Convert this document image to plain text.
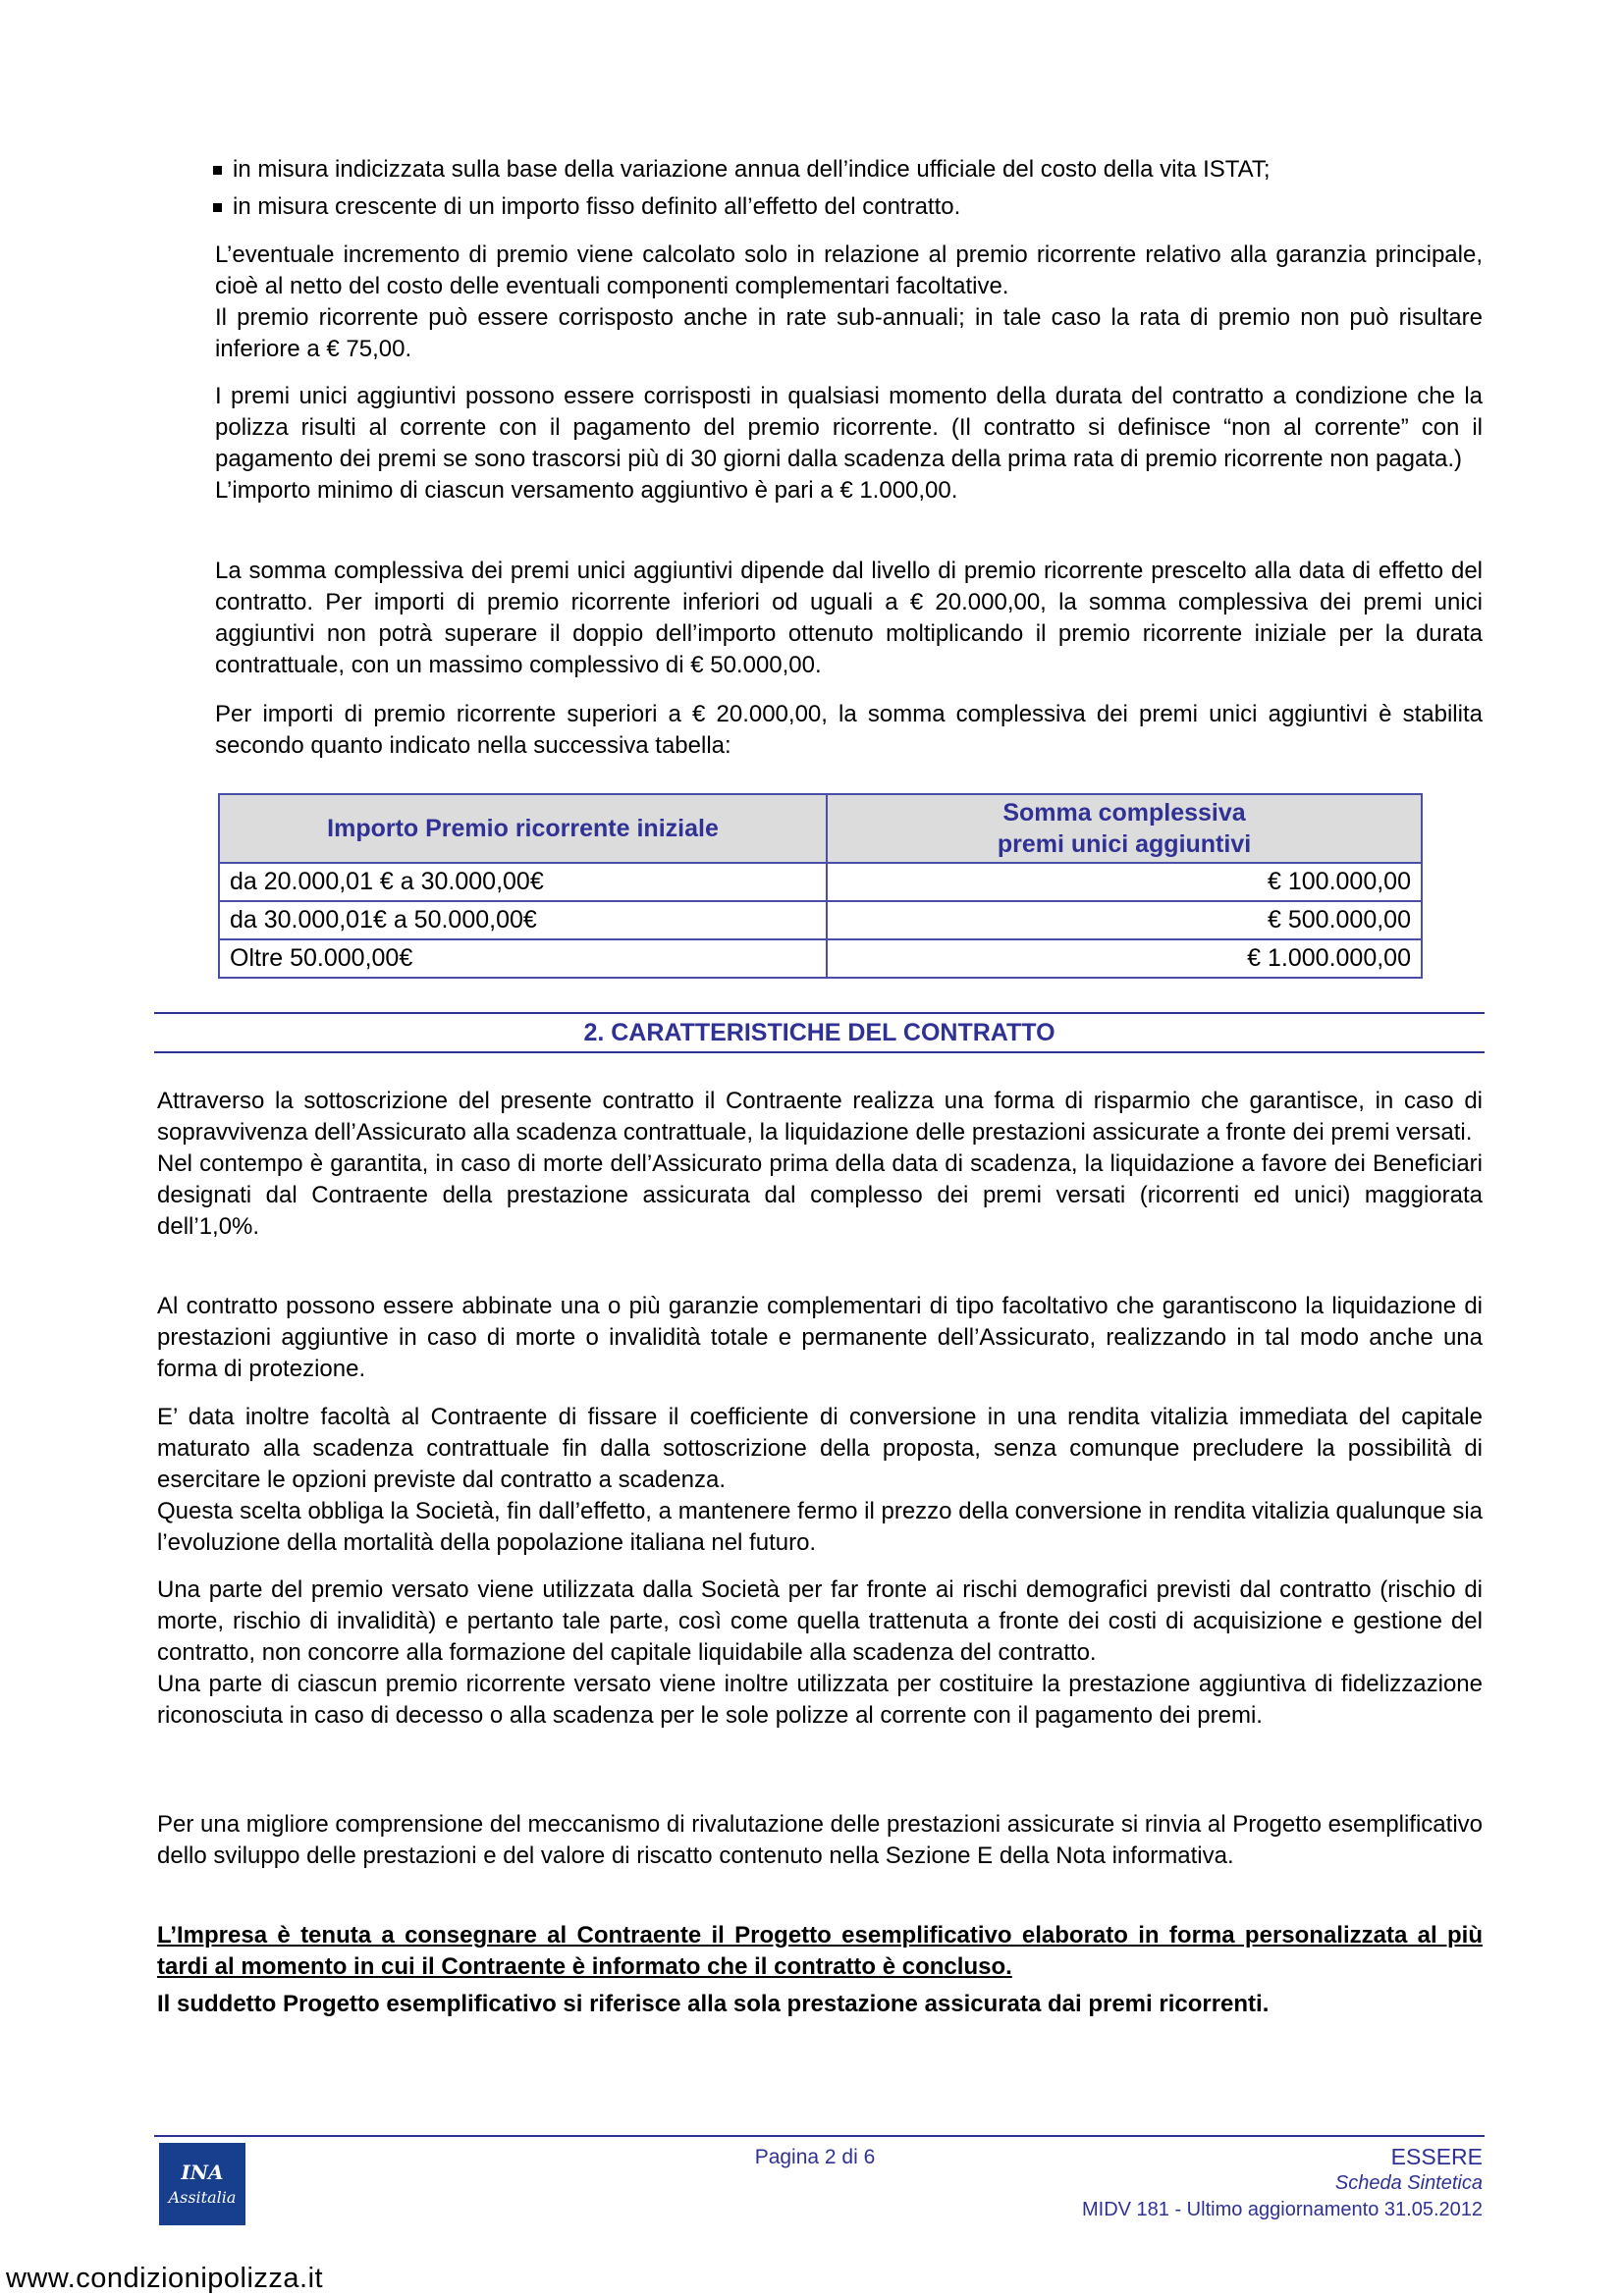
in misura indicizzata sulla base della variazione annua dell’indice ufficiale del costo della vita ISTAT;
in misura crescente di un importo fisso definito all’effetto del contratto.

L’eventuale incremento di premio viene calcolato solo in relazione al premio ricorrente relativo alla garanzia principale, cioè al netto del costo delle eventuali componenti complementari facoltative.

Il premio ricorrente può essere corrisposto anche in rate sub-annuali; in tale caso la rata di premio non può risultare inferiore a € 75,00.

I premi unici aggiuntivi possono essere corrisposti in qualsiasi momento della durata del contratto a condizione che la polizza risulti al corrente con il pagamento del premio ricorrente. (Il contratto si definisce “non al corrente” con il pagamento dei premi se sono trascorsi più di 30 giorni dalla scadenza della prima rata di premio ricorrente non pagata.)

L’importo minimo di ciascun versamento aggiuntivo è pari a € 1.000,00.

La somma complessiva dei premi unici aggiuntivi dipende dal livello di premio ricorrente prescelto alla data di effetto del contratto. Per importi di premio ricorrente inferiori od uguali a € 20.000,00, la somma complessiva dei premi unici aggiuntivi non potrà superare il doppio dell’importo ottenuto moltiplicando il premio ricorrente iniziale per la durata contrattuale, con un massimo complessivo di € 50.000,00.

Per importi di premio ricorrente superiori a € 20.000,00, la somma complessiva dei premi unici aggiuntivi è stabilita secondo quanto indicato nella successiva tabella:

Importo Premio ricorrente iniziale	Somma complessiva
premi unici aggiuntivi
da 20.000,01 € a 30.000,00€	€ 100.000,00
da 30.000,01€ a 50.000,00€	€ 500.000,00
Oltre 50.000,00€	€ 1.000.000,00
2. CARATTERISTICHE DEL CONTRATTO

Attraverso la sottoscrizione del presente contratto il Contraente realizza una forma di risparmio che garantisce, in caso di sopravvivenza dell’Assicurato alla scadenza contrattuale, la liquidazione delle prestazioni assicurate a fronte dei premi versati.

Nel contempo è garantita, in caso di morte dell’Assicurato prima della data di scadenza, la liquidazione a favore dei Beneficiari designati dal Contraente della prestazione assicurata dal complesso dei premi versati (ricorrenti ed unici) maggiorata dell’1,0%.

Al contratto possono essere abbinate una o più garanzie complementari di tipo facoltativo che garantiscono la liquidazione di prestazioni aggiuntive in caso di morte o invalidità totale e permanente dell’Assicurato, realizzando in tal modo anche una forma di protezione.

E’ data inoltre facoltà al Contraente di fissare il coefficiente di conversione in una rendita vitalizia immediata del capitale maturato alla scadenza contrattuale fin dalla sottoscrizione della proposta, senza comunque precludere la possibilità di esercitare le opzioni previste dal contratto a scadenza.

Questa scelta obbliga la Società, fin dall’effetto, a mantenere fermo il prezzo della conversione in rendita vitalizia qualunque sia l’evoluzione della mortalità della popolazione italiana nel futuro.

Una parte del premio versato viene utilizzata dalla Società per far fronte ai rischi demografici previsti dal contratto (rischio di morte, rischio di invalidità) e pertanto tale parte, così come quella trattenuta a fronte dei costi di acquisizione e gestione del contratto, non concorre alla formazione del capitale liquidabile alla scadenza del contratto.

Una parte di ciascun premio ricorrente versato viene inoltre utilizzata per costituire la prestazione aggiuntiva di fidelizzazione riconosciuta in caso di decesso o alla scadenza per le sole polizze al corrente con il pagamento dei premi.

Per una migliore comprensione del meccanismo di rivalutazione delle prestazioni assicurate si rinvia al Progetto esemplificativo dello sviluppo delle prestazioni e del valore di riscatto contenuto nella Sezione E della Nota informativa.

L’Impresa è tenuta a consegnare al Contraente il Progetto esemplificativo elaborato in forma personalizzata al più tardi al momento in cui il Contraente è informato che il contratto è concluso.

Il suddetto Progetto esemplificativo si riferisce alla sola prestazione assicurata dai premi ricorrenti.

INA
Assitalia
Pagina 2 di 6	ESSERE
Scheda Sintetica
MIDV 181 - Ultimo aggiornamento 31.05.2012
www.condizionipolizza.it
